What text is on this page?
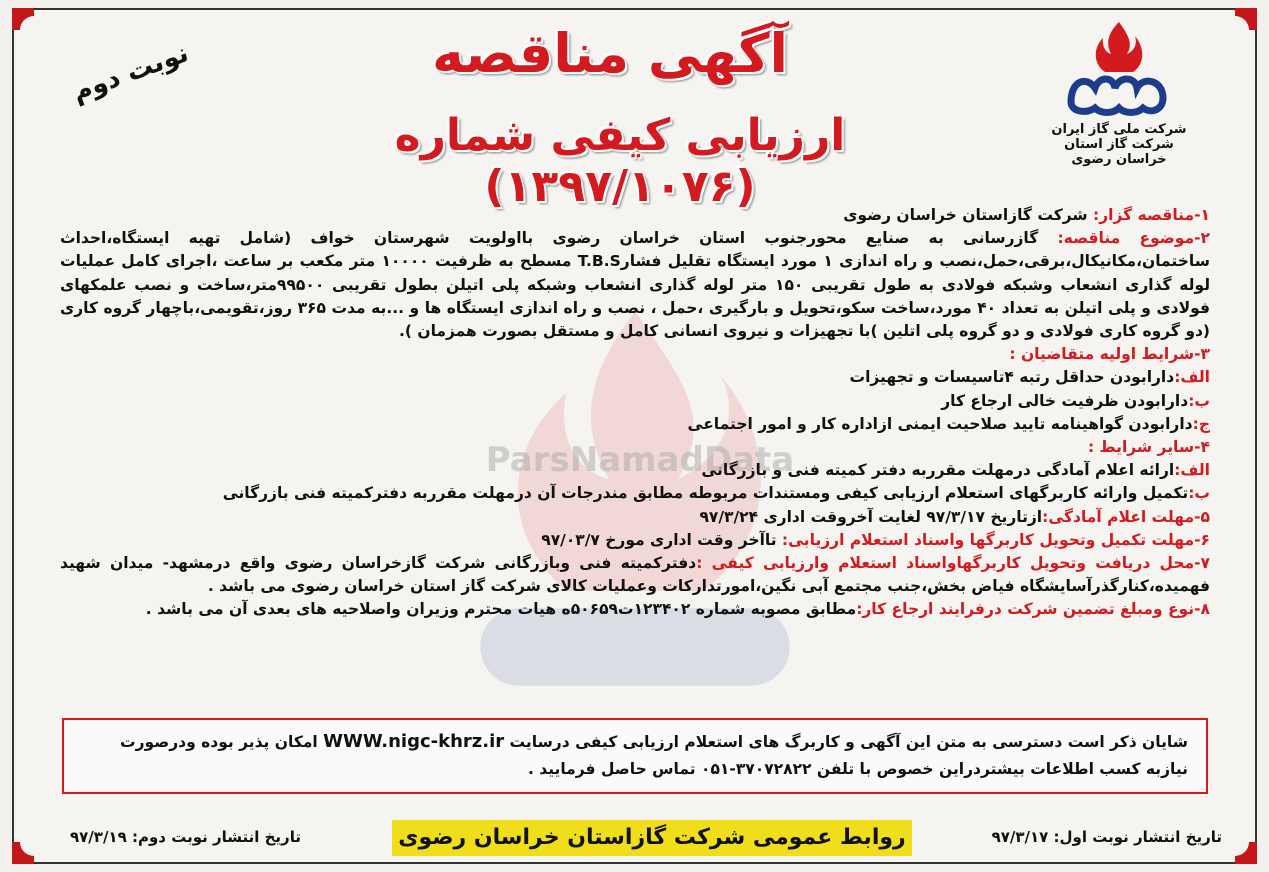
ParsNamadData
شرکت ملی گاز ایران
شرکت گاز استان خراسان رضوی
آگهی مناقصه
ارزیابی کیفی شماره (۱۳۹۷/۱۰۷۶)
نوبت دوم

۱-مناقصه گزار: شرکت گازاستان خراسان رضوی

۲-موضوع مناقصه: گازرسانی به صنایع محورجنوب استان خراسان رضوی بااولویت شهرستان خواف (شامل تهیه ایستگاه،احداث ساختمان،مکانیکال،برقی،حمل،نصب و راه اندازی ۱ مورد ایستگاه تقلیل فشارT.B.S مسطح به ظرفیت ۱۰۰۰۰ متر مکعب بر ساعت ،اجرای کامل عملیات لوله گذاری انشعاب وشبکه فولادی به طول تقریبی ۱۵۰ متر لوله گذاری انشعاب وشبکه پلی اتیلن بطول تقریبی ۹۹۵۰۰متر،ساخت و نصب علمکهای فولادی و پلی اتیلن به تعداد ۴۰ مورد،ساخت سکو،تحویل و بارگیری ،حمل ، نصب و راه اندازی ایستگاه ها و ...به مدت ۳۶۵ روز،تقویمی،باچهار گروه کاری (دو گروه کاری فولادی و دو گروه پلی اتلین )با تجهیزات و نیروی انسانی کامل و مستقل بصورت همزمان ).

۳-شرایط اولیه متقاضیان :

الف:دارابودن حداقل رتبه ۴تاسیسات و تجهیزات

ب:دارابودن ظرفیت خالی ارجاع کار

ج:دارابودن گواهینامه تایید صلاحیت ایمنی ازاداره کار و امور اجتماعی

۴-سایر شرایط :

الف:ارائه اعلام آمادگی درمهلت مقرربه دفتر کمیته فنی و بازرگانی

ب:تکمیل وارائه کاربرگهای استعلام ارزیابی کیفی ومستندات مربوطه مطابق مندرجات آن درمهلت مقرربه دفترکمیته فنی بازرگانی

۵-مهلت اعلام آمادگی:ازتاریخ ۹۷/۳/۱۷ لغایت آخروقت اداری ۹۷/۳/۲۴

۶-مهلت تکمیل وتحویل کاربرگها واسناد استعلام ارزیابی: تاآخر وقت اداری مورخ ۹۷/۰۳/۷

۷-محل دریافت وتحویل کاربرگهاواسناد استعلام وارزیابی کیفی :دفترکمیته فنی وبازرگانی شرکت گازخراسان رضوی واقع درمشهد- میدان شهید فهمیده،کنارگذرآسایشگاه فیاض بخش،جنب مجتمع آبی نگین،امورتدارکات وعملیات کالای شرکت گاز استان خراسان رضوی می باشد .

۸-نوع ومبلغ تضمین شرکت درفرایند ارجاع کار:مطابق مصوبه شماره ۱۲۳۴۰۲ت۵۰۶۵۹ه هیات محترم وزیران واصلاحیه های بعدی آن می باشد .

شایان ذکر است دسترسی به متن این آگهی و کاربرگ های استعلام ارزیابی کیفی درسایت WWW.nigc-khrz.ir امکان پذیر بوده ودرصورت نیازبه کسب اطلاعات بیشتردراین خصوص با تلفن ۳۷۰۷۲۸۲۲-۰۵۱ تماس حاصل فرمایید .
تاریخ انتشار نوبت اول: ۹۷/۳/۱۷
روابط عمومی شرکت گازاستان خراسان رضوی
تاریخ انتشار نوبت دوم: ۹۷/۳/۱۹
